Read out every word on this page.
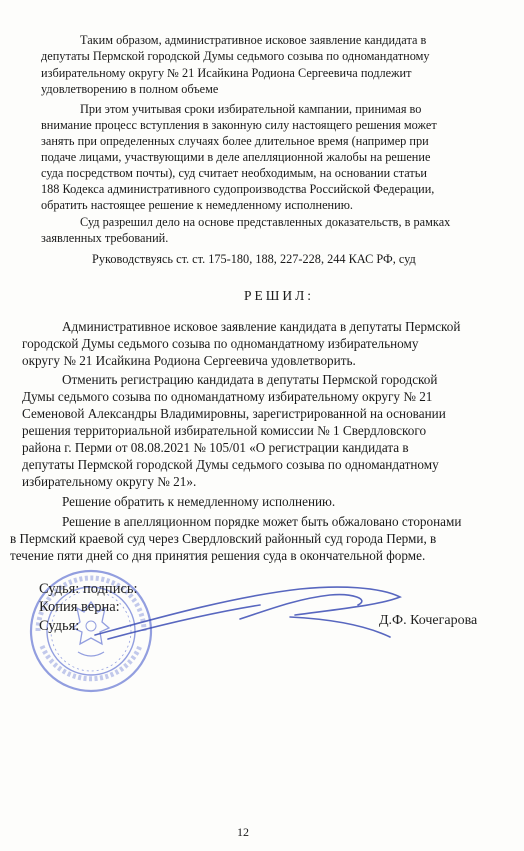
Таким образом, административное исковое заявление кандидата в
депутаты Пермской городской Думы седьмого созыва по одномандатному
избирательному округу № 21 Исайкина Родиона Сергеевича подлежит
удовлетворению в полном объеме
При этом учитывая сроки избирательной кампании, принимая во
внимание процесс вступления в законную силу настоящего решения может
занять при определенных случаях более длительное время (например при
подаче лицами, участвующими в деле апелляционной жалобы на решение
суда посредством почты), суд считает необходимым, на основании статьи
188 Кодекса административного судопроизводства Российской Федерации,
обратить настоящее решение к немедленному исполнению.
Суд разрешил дело на основе представленных доказательств, в рамках
заявленных требований.
Руководствуясь ст. ст. 175-180, 188, 227-228, 244 КАС РФ, суд
РЕШИЛ:
Административное исковое заявление кандидата в депутаты Пермской
городской Думы седьмого созыва по одномандатному избирательному
округу № 21 Исайкина Родиона Сергеевича удовлетворить.
Отменить регистрацию кандидата в депутаты Пермской городской
Думы седьмого созыва по одномандатному избирательному округу № 21
Семеновой Александры Владимировны, зарегистрированной на основании
решения территориальной избирательной комиссии № 1 Свердловского
района г. Перми от 08.08.2021 № 105/01 «О регистрации кандидата в
депутаты Пермской городской Думы седьмого созыва по одномандатному
избирательному округу № 21».
Решение обратить к немедленному исполнению.
Решение в апелляционном порядке может быть обжаловано сторонами
в Пермский краевой суд через Свердловский районный суд города Перми, в
течение пяти дней со дня принятия решения суда в окончательной форме.
Судья: подпись:
Копия верна:
Судья:	Д.Ф. Кочегарова
12
